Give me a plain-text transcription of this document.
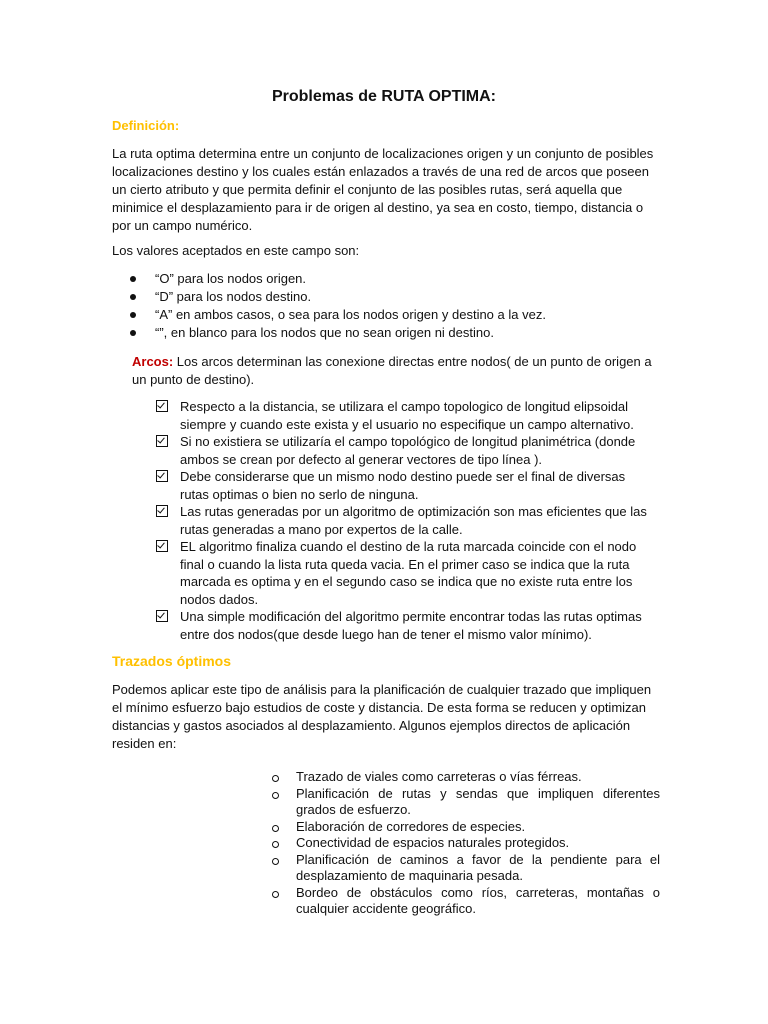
Problemas de RUTA OPTIMA:

Definición:

La ruta optima determina entre un conjunto de localizaciones origen y un conjunto de posibles localizaciones destino y los cuales están enlazados a través de una red de arcos que poseen un cierto atributo y que permita definir el conjunto de las posibles rutas, será aquella que minimice el desplazamiento para ir de origen al destino, ya sea en costo, tiempo, distancia o por un campo numérico.

Los valores aceptados en este campo son:

“O” para los nodos origen.
“D” para los nodos destino.
“A” en ambos casos, o sea para los nodos origen y destino a la vez.
“”, en blanco para los nodos que no sean origen ni destino.

Arcos: Los arcos determinan las conexione directas entre nodos( de un punto de origen a un punto de destino).

Respecto a la distancia, se utilizara el campo topologico de longitud elipsoidal siempre y cuando este exista y el usuario no especifique un campo alternativo.
Si no existiera se utilizaría el campo topológico de longitud planimétrica (donde ambos se crean por defecto al generar vectores de tipo línea ).
Debe considerarse que un mismo nodo destino puede ser el final de diversas rutas optimas o bien no serlo de ninguna.
Las rutas generadas por un algoritmo de optimización son mas eficientes que las rutas generadas a mano por expertos de la calle.
EL algoritmo finaliza cuando el destino de la ruta marcada coincide con el nodo final o cuando la lista ruta queda vacia. En el primer caso se indica que la ruta marcada es optima y en el segundo caso se indica que no existe ruta entre los nodos dados.
Una simple modificación del algoritmo permite encontrar todas las rutas optimas entre dos nodos(que desde luego han de tener el mismo valor mínimo).
Trazados óptimos

Podemos aplicar este tipo de análisis para la planificación de cualquier trazado que impliquen el mínimo esfuerzo bajo estudios de coste y distancia. De esta forma se reducen y optimizan distancias y gastos asociados al desplazamiento. Algunos ejemplos directos de aplicación residen en:

Trazado de viales como carreteras o vías férreas.
Planificación de rutas y sendas que impliquen diferentes grados de esfuerzo.
Elaboración de corredores de especies.
Conectividad de espacios naturales protegidos.
Planificación de caminos a favor de la pendiente para el desplazamiento de maquinaria pesada.
Bordeo de obstáculos como ríos, carreteras, montañas o cualquier accidente geográfico.
